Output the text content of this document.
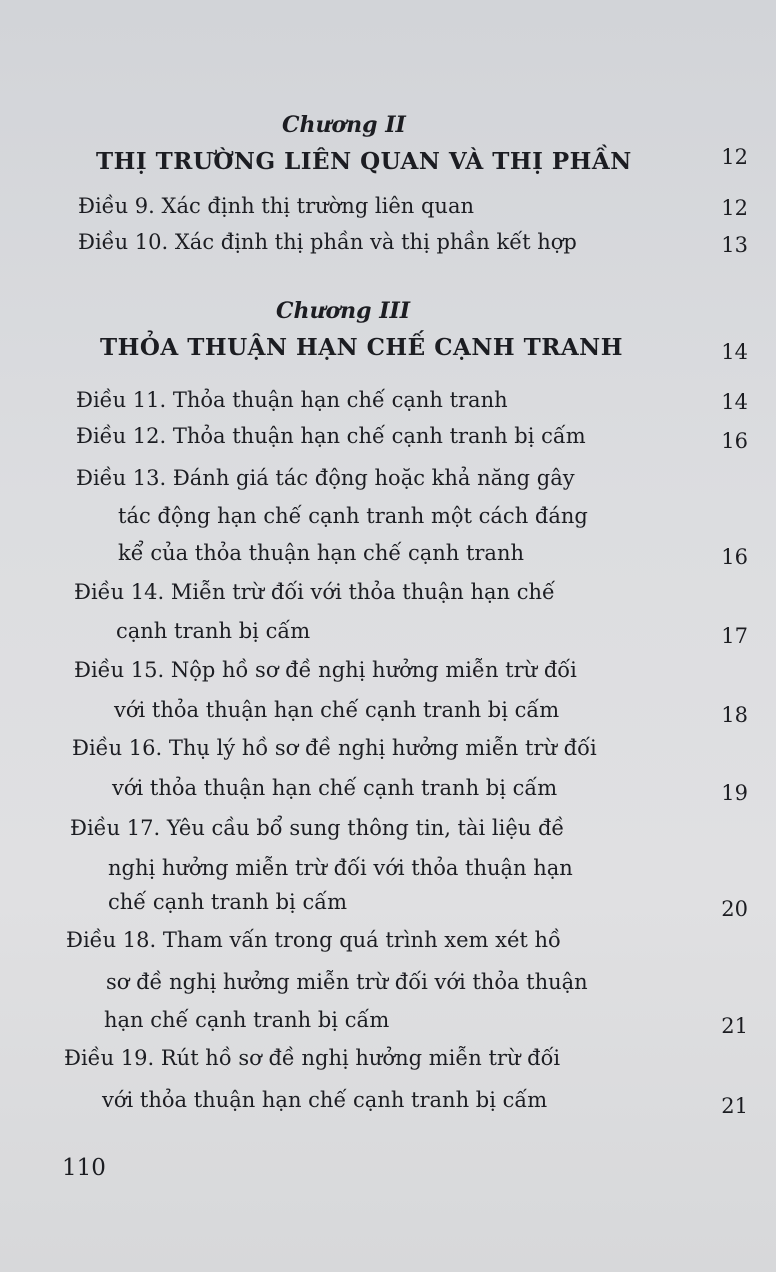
Chương II
THỊ TRƯỜNG LIÊN QUAN VÀ THỊ PHẦN	12
Điều 9. Xác định thị trường liên quan	12
Điều 10. Xác định thị phần và thị phần kết hợp	13
Chương III
THỎA THUẬN HẠN CHẾ CẠNH TRANH	14
Điều 11. Thỏa thuận hạn chế cạnh tranh	14
Điều 12. Thỏa thuận hạn chế cạnh tranh bị cấm	16
Điều 13. Đánh giá tác động hoặc khả năng gây
tác động hạn chế cạnh tranh một cách đáng
kể của thỏa thuận hạn chế cạnh tranh	16
Điều 14. Miễn trừ đối với thỏa thuận hạn chế
cạnh tranh bị cấm	17
Điều 15. Nộp hồ sơ đề nghị hưởng miễn trừ đối
với thỏa thuận hạn chế cạnh tranh bị cấm	18
Điều 16. Thụ lý hồ sơ đề nghị hưởng miễn trừ đối
với thỏa thuận hạn chế cạnh tranh bị cấm	19
Điều 17. Yêu cầu bổ sung thông tin, tài liệu đề
nghị hưởng miễn trừ đối với thỏa thuận hạn
chế cạnh tranh bị cấm	20
Điều 18. Tham vấn trong quá trình xem xét hồ
sơ đề nghị hưởng miễn trừ đối với thỏa thuận
hạn chế cạnh tranh bị cấm	21
Điều 19. Rút hồ sơ đề nghị hưởng miễn trừ đối
với thỏa thuận hạn chế cạnh tranh bị cấm	21
110
